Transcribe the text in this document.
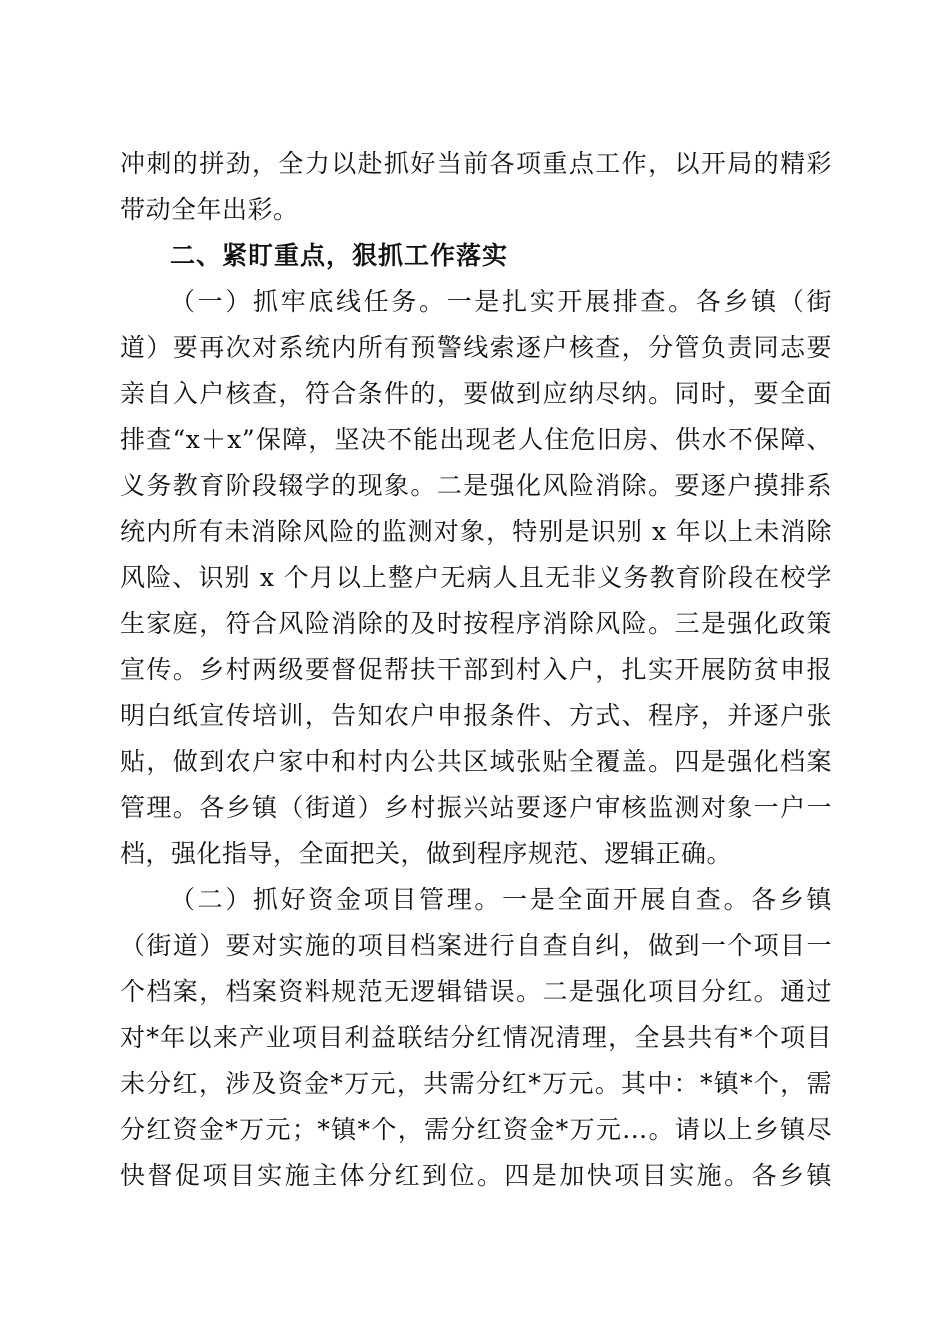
冲刺的拼劲，全力以赴抓好当前各项重点工作，以开局的精彩

带动全年出彩。

二、紧盯重点，狠抓工作落实

（一）抓牢底线任务。一是扎实开展排查。各乡镇（街

道）要再次对系统内所有预警线索逐户核查，分管负责同志要

亲自入户核查，符合条件的，要做到应纳尽纳。同时，要全面

排查“x＋x”保障，坚决不能出现老人住危旧房、供水不保障、

义务教育阶段辍学的现象。二是强化风险消除。要逐户摸排系

统内所有未消除风险的监测对象，特别是识别 x 年以上未消除

风险、识别 x 个月以上整户无病人且无非义务教育阶段在校学

生家庭，符合风险消除的及时按程序消除风险。三是强化政策

宣传。乡村两级要督促帮扶干部到村入户，扎实开展防贫申报

明白纸宣传培训，告知农户申报条件、方式、程序，并逐户张

贴，做到农户家中和村内公共区域张贴全覆盖。四是强化档案

管理。各乡镇（街道）乡村振兴站要逐户审核监测对象一户一

档，强化指导，全面把关，做到程序规范、逻辑正确。

（二）抓好资金项目管理。一是全面开展自查。各乡镇

（街道）要对实施的项目档案进行自查自纠，做到一个项目一

个档案，档案资料规范无逻辑错误。二是强化项目分红。通过

对*年以来产业项目利益联结分红情况清理，全县共有*个项目

未分红，涉及资金*万元，共需分红*万元。其中：*镇*个，需

分红资金*万元；*镇*个，需分红资金*万元...。请以上乡镇尽

快督促项目实施主体分红到位。四是加快项目实施。各乡镇
